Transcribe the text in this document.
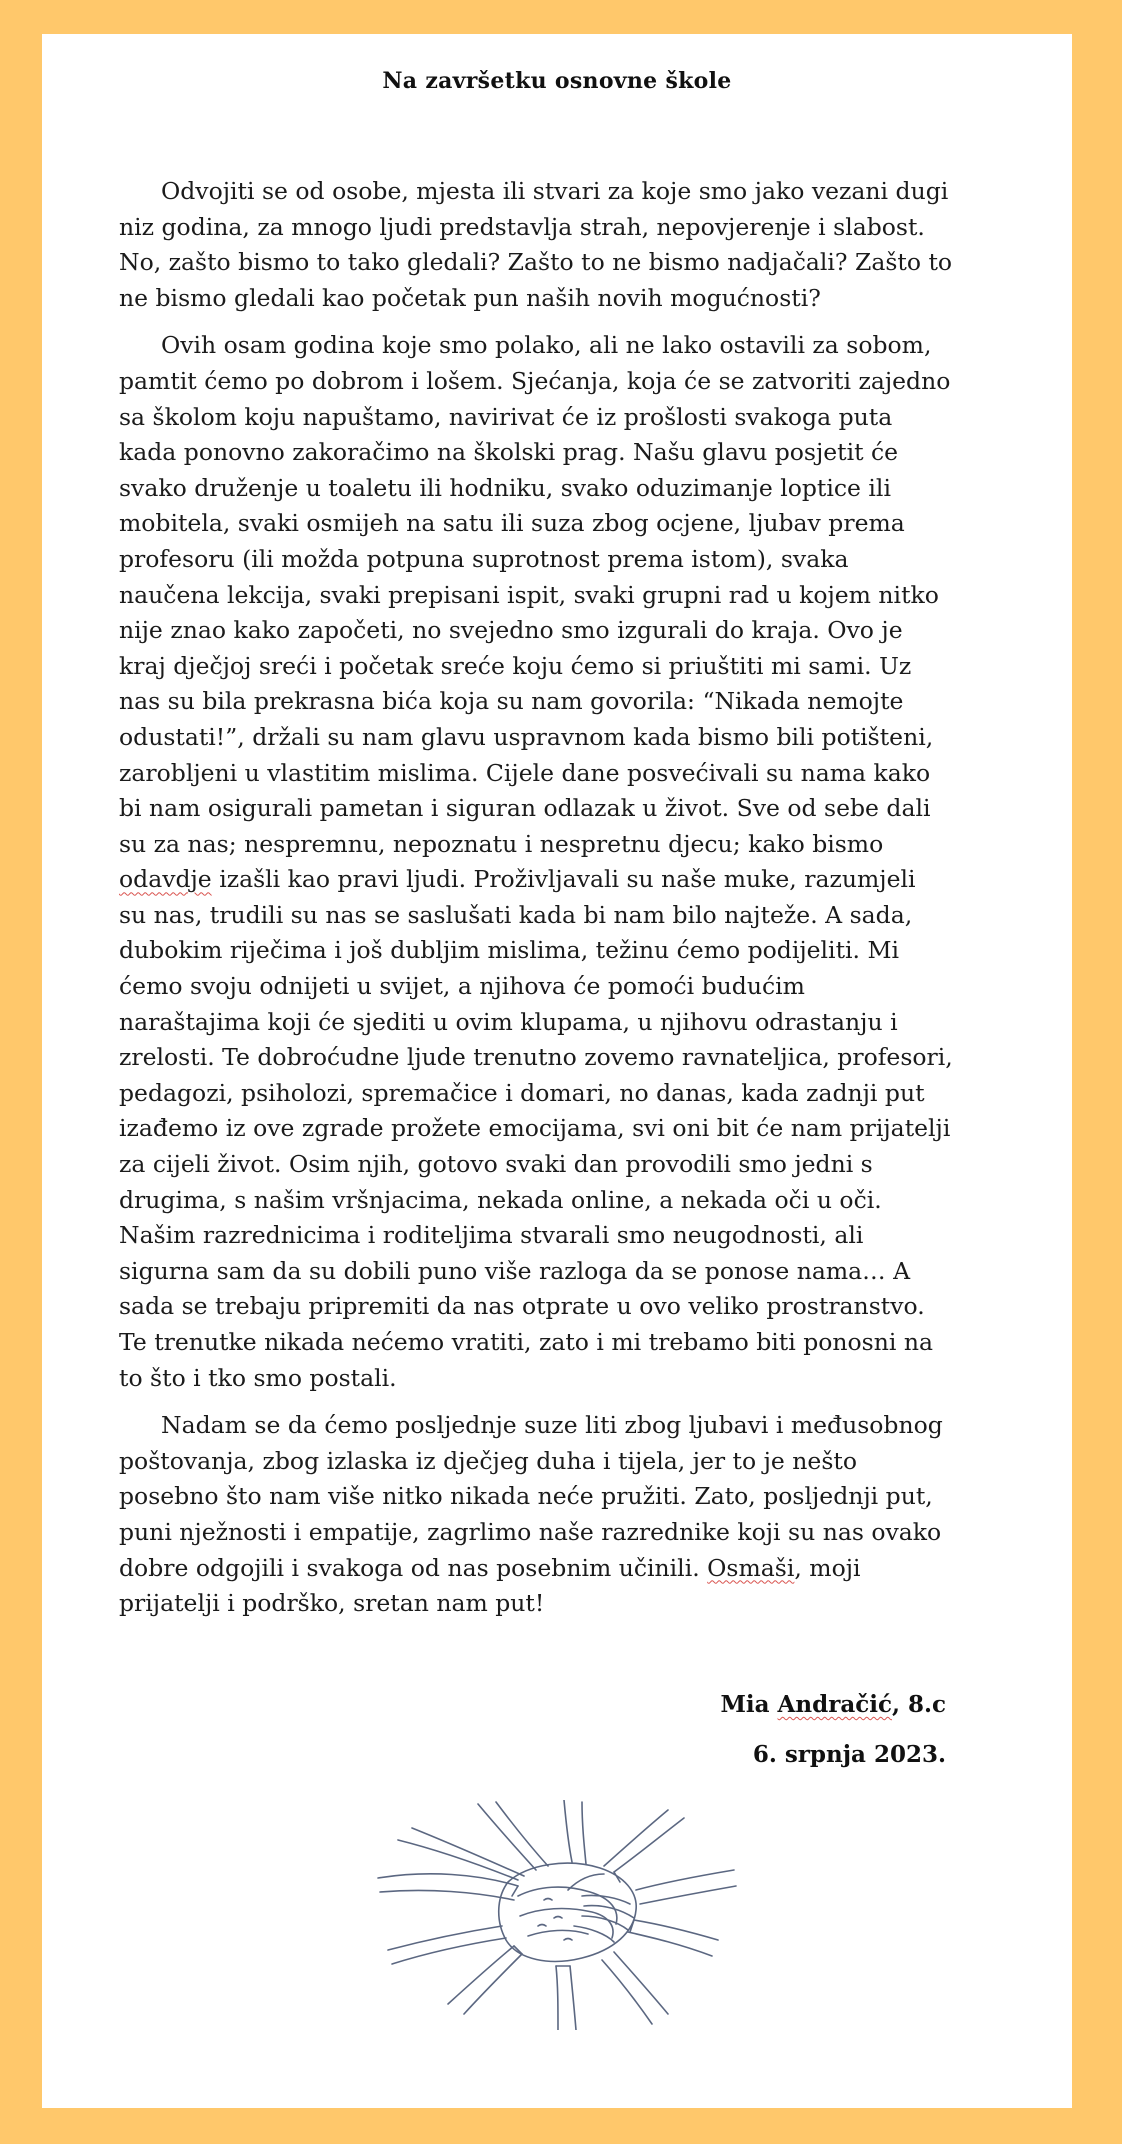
Na završetku osnovne škole

Odvojiti se od osobe, mjesta ili stvari za koje smo jako vezani dugi
niz godina, za mnogo ljudi predstavlja strah, nepovjerenje i slabost.
No, zašto bismo to tako gledali? Zašto to ne bismo nadjačali? Zašto to
ne bismo gledali kao početak pun naših novih mogućnosti?

Ovih osam godina koje smo polako, ali ne lako ostavili za sobom,
pamtit ćemo po dobrom i lošem. Sjećanja, koja će se zatvoriti zajedno
sa školom koju napuštamo, navirivat će iz prošlosti svakoga puta
kada ponovno zakoračimo na školski prag. Našu glavu posjetit će
svako druženje u toaletu ili hodniku, svako oduzimanje loptice ili
mobitela, svaki osmijeh na satu ili suza zbog ocjene, ljubav prema
profesoru (ili možda potpuna suprotnost prema istom), svaka
naučena lekcija, svaki prepisani ispit, svaki grupni rad u kojem nitko
nije znao kako započeti, no svejedno smo izgurali do kraja. Ovo je
kraj dječjoj sreći i početak sreće koju ćemo si priuštiti mi sami. Uz
nas su bila prekrasna bića koja su nam govorila: “Nikada nemojte
odustati!”, držali su nam glavu uspravnom kada bismo bili potišteni,
zarobljeni u vlastitim mislima. Cijele dane posvećivali su nama kako
bi nam osigurali pametan i siguran odlazak u život. Sve od sebe dali
su za nas; nespremnu, nepoznatu i nespretnu djecu; kako bismo
odavdje izašli kao pravi ljudi. Proživljavali su naše muke, razumjeli
su nas, trudili su nas se saslušati kada bi nam bilo najteže. A sada,
dubokim riječima i još dubljim mislima, težinu ćemo podijeliti. Mi
ćemo svoju odnijeti u svijet, a njihova će pomoći budućim
naraštajima koji će sjediti u ovim klupama, u njihovu odrastanju i
zrelosti. Te dobroćudne ljude trenutno zovemo ravnateljica, profesori,
pedagozi, psiholozi, spremačice i domari, no danas, kada zadnji put
izađemo iz ove zgrade prožete emocijama, svi oni bit će nam prijatelji
za cijeli život. Osim njih, gotovo svaki dan provodili smo jedni s
drugima, s našim vršnjacima, nekada online, a nekada oči u oči.
Našim razrednicima i roditeljima stvarali smo neugodnosti, ali
sigurna sam da su dobili puno više razloga da se ponose nama… A
sada se trebaju pripremiti da nas otprate u ovo veliko prostranstvo.
Te trenutke nikada nećemo vratiti, zato i mi trebamo biti ponosni na
to što i tko smo postali.

Nadam se da ćemo posljednje suze liti zbog ljubavi i međusobnog
poštovanja, zbog izlaska iz dječjeg duha i tijela, jer to je nešto
posebno što nam više nitko nikada neće pružiti. Zato, posljednji put,
puni nježnosti i empatije, zagrlimo naše razrednike koji su nas ovako
dobre odgojili i svakoga od nas posebnim učinili. Osmaši, moji
prijatelji i podrško, sretan nam put!

Mia Andračić, 8.c
6. srpnja 2023.
